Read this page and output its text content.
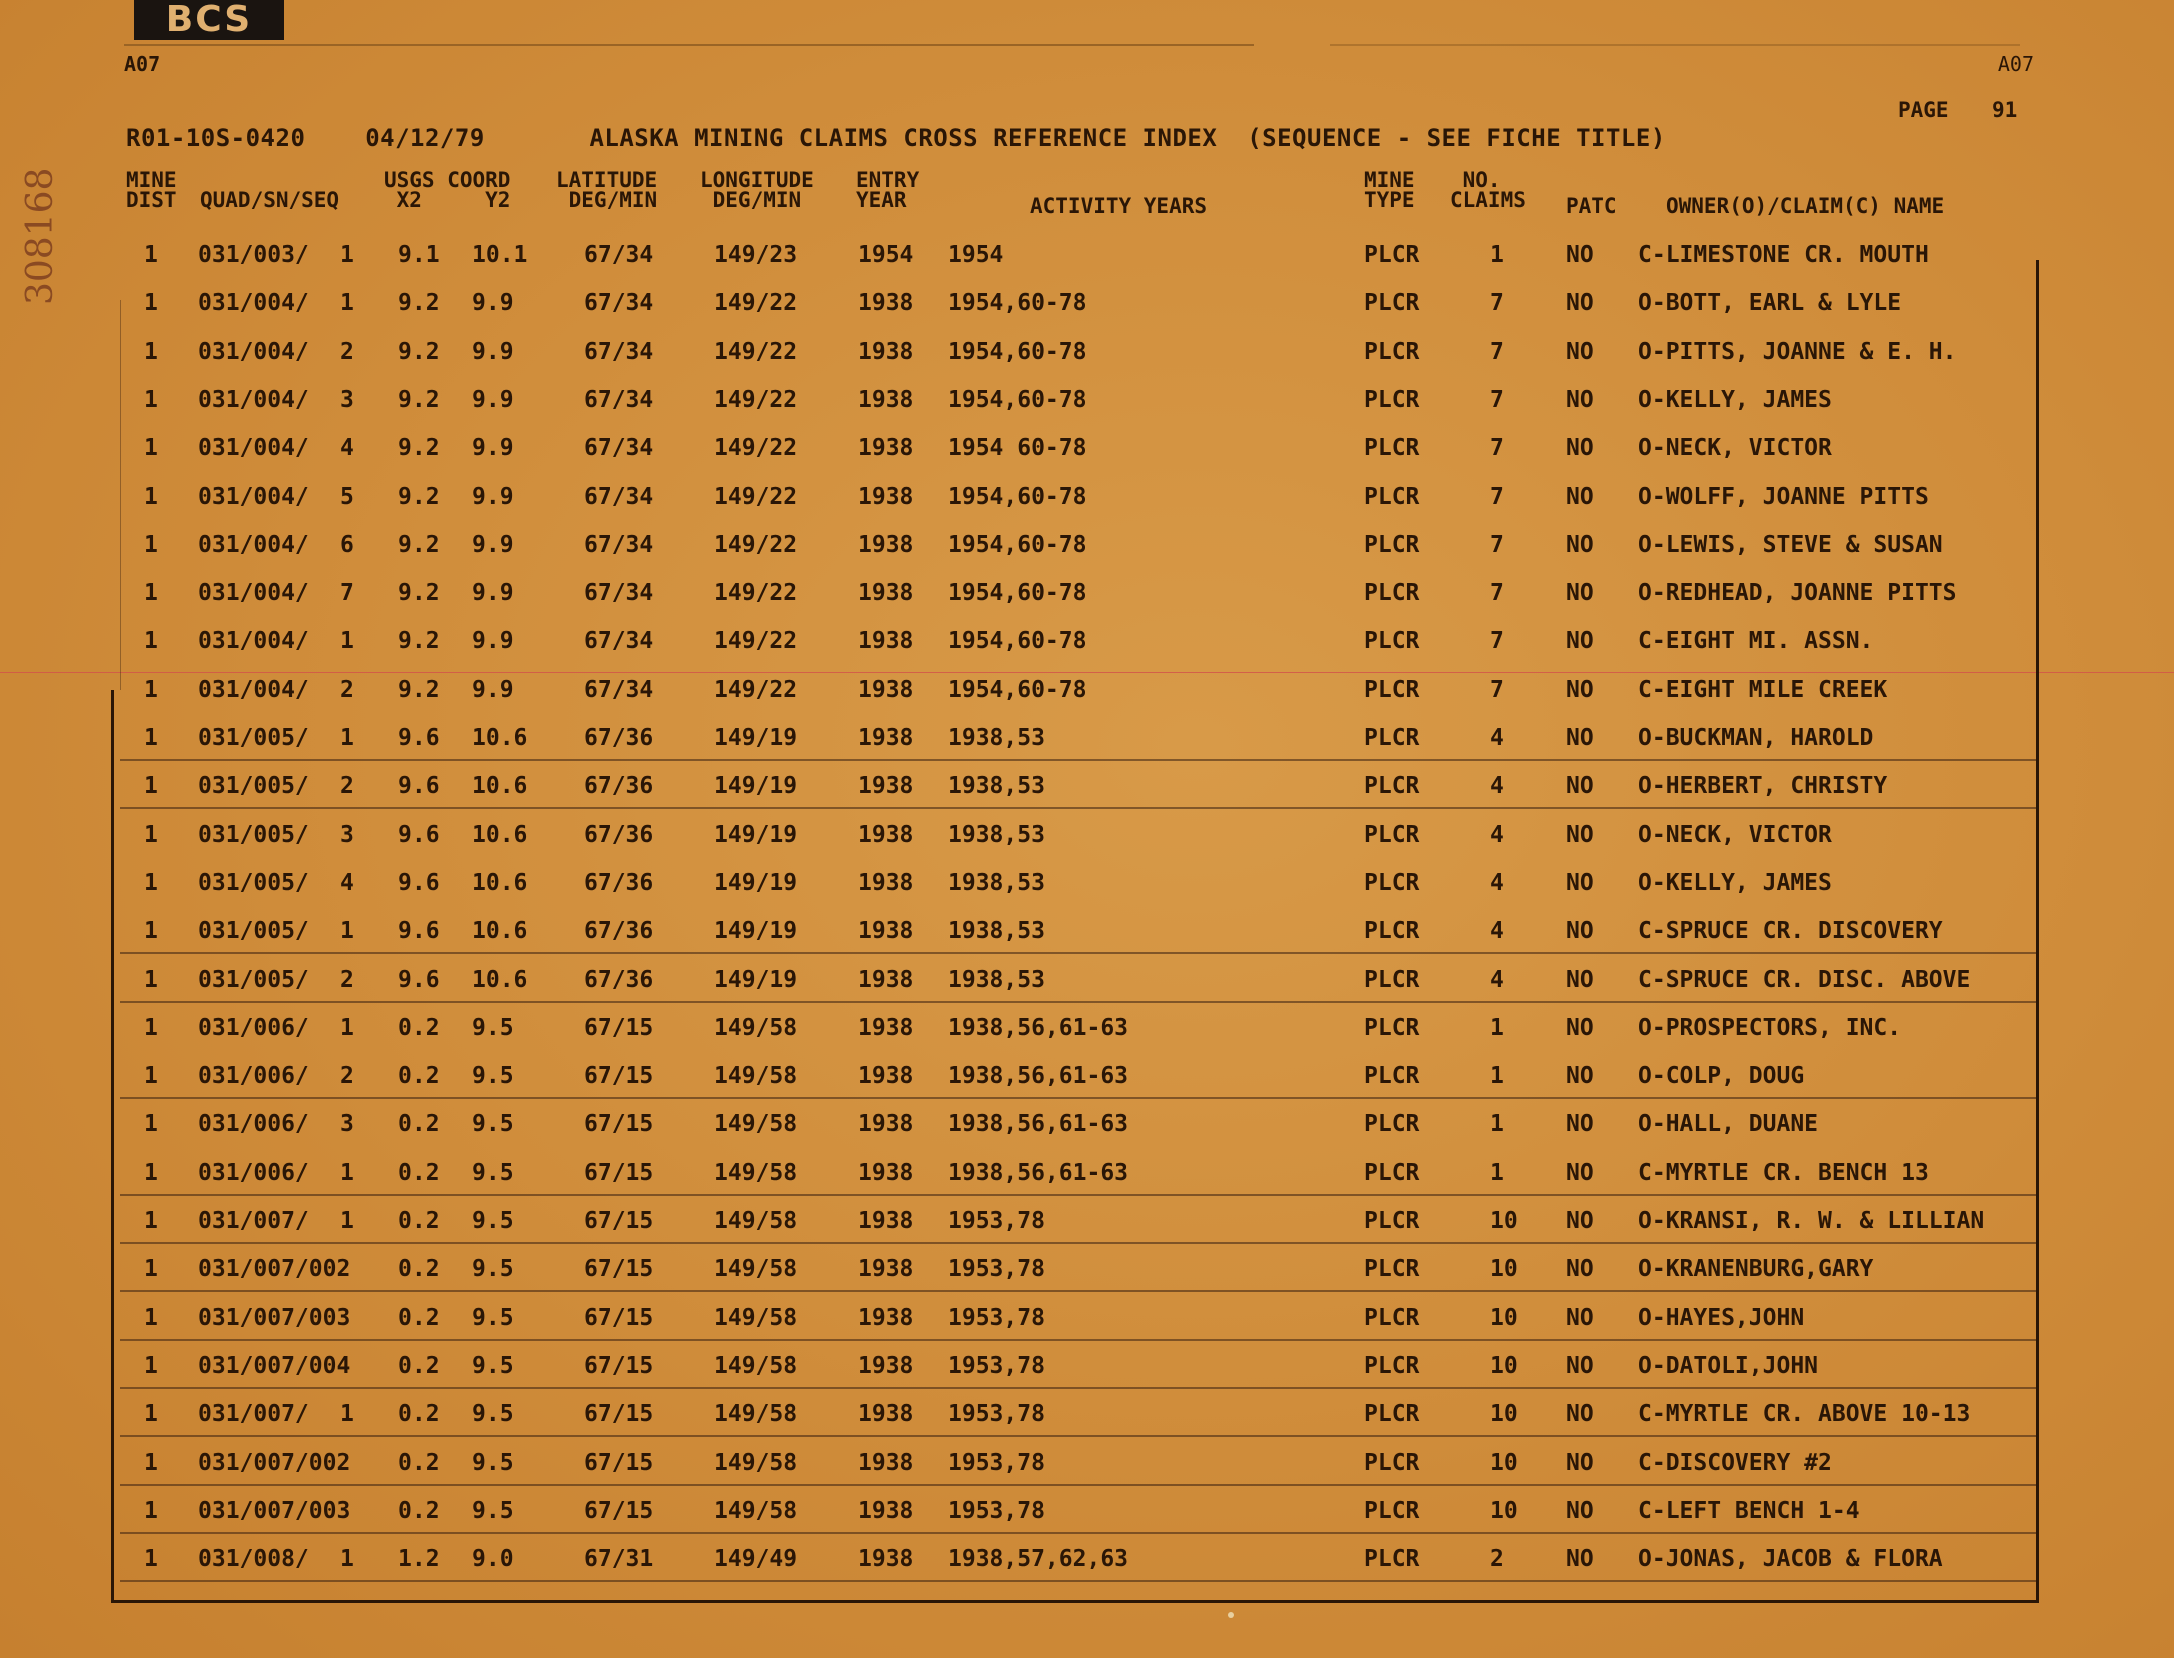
BCS
A07	A07
PAGE 91
R01-10S-0420 04/12/79	ALASKA MINING CLAIMS CROSS REFERENCE INDEX  (SEQUENCE - SEE FICHE TITLE)
308168	MINE
DIST QUAD/SN/SEQ
USGS COORD
X2     Y2
LATITUDE
DEG/MIN
LONGITUDE
DEG/MIN
ENTRY
YEAR	ACTIVITY YEARS
MINE
TYPE
NO.
CLAIMS PATC OWNER(O)/CLAIM(C) NAME
1 031/003/ 1 9.1 10.1 67/34	149/23	1954 1954	PLCR	1	NO C-LIMESTONE CR. MOUTH
1 031/004/ 1 9.2 9.9	67/34	149/22	1938 1954,60-78	PLCR	7	NO O-BOTT, EARL & LYLE
1 031/004/ 2 9.2 9.9	67/34	149/22	1938 1954,60-78	PLCR	7	NO O-PITTS, JOANNE & E. H.
1 031/004/ 3 9.2 9.9	67/34	149/22	1938 1954,60-78	PLCR	7	NO O-KELLY, JAMES
1 031/004/ 4 9.2 9.9	67/34	149/22	1938 1954 60-78	PLCR	7	NO O-NECK, VICTOR
1 031/004/ 5 9.2 9.9	67/34	149/22	1938 1954,60-78	PLCR	7	NO O-WOLFF, JOANNE PITTS
1 031/004/ 6 9.2 9.9	67/34	149/22	1938 1954,60-78	PLCR	7	NO O-LEWIS, STEVE & SUSAN
1 031/004/ 7 9.2 9.9	67/34	149/22	1938 1954,60-78	PLCR	7	NO O-REDHEAD, JOANNE PITTS
1 031/004/ 1 9.2 9.9	67/34	149/22	1938 1954,60-78	PLCR	7	NO C-EIGHT MI. ASSN.
1 031/004/ 2 9.2 9.9	67/34	149/22	1938 1954,60-78	PLCR	7	NO C-EIGHT MILE CREEK
1 031/005/ 1 9.6 10.6 67/36	149/19	1938 1938,53	PLCR	4	NO O-BUCKMAN, HAROLD
1 031/005/ 2 9.6 10.6 67/36	149/19	1938 1938,53	PLCR	4	NO O-HERBERT, CHRISTY
1 031/005/ 3 9.6 10.6 67/36	149/19	1938 1938,53	PLCR	4	NO O-NECK, VICTOR
1 031/005/ 4 9.6 10.6 67/36	149/19	1938 1938,53	PLCR	4	NO O-KELLY, JAMES
1 031/005/ 1 9.6 10.6 67/36	149/19	1938 1938,53	PLCR	4	NO C-SPRUCE CR. DISCOVERY
1 031/005/ 2 9.6 10.6 67/36	149/19	1938 1938,53	PLCR	4	NO C-SPRUCE CR. DISC. ABOVE
1 031/006/ 1 0.2 9.5	67/15	149/58	1938 1938,56,61-63	PLCR	1	NO O-PROSPECTORS, INC.
1 031/006/ 2 0.2 9.5	67/15	149/58	1938 1938,56,61-63	PLCR	1	NO O-COLP, DOUG
1 031/006/ 3 0.2 9.5	67/15	149/58	1938 1938,56,61-63	PLCR	1	NO O-HALL, DUANE
1 031/006/ 1 0.2 9.5	67/15	149/58	1938 1938,56,61-63	PLCR	1	NO C-MYRTLE CR. BENCH 13
1 031/007/ 1 0.2 9.5	67/15	149/58	1938 1953,78	PLCR	10 NO O-KRANSI, R. W. & LILLIAN
1 031/007/002 0.2 9.5	67/15	149/58	1938 1953,78	PLCR	10 NO O-KRANENBURG,GARY
1 031/007/003 0.2 9.5	67/15	149/58	1938 1953,78	PLCR	10 NO O-HAYES,JOHN
1 031/007/004 0.2 9.5	67/15	149/58	1938 1953,78	PLCR	10 NO O-DATOLI,JOHN
1 031/007/ 1 0.2 9.5	67/15	149/58	1938 1953,78	PLCR	10 NO C-MYRTLE CR. ABOVE 10-13
1 031/007/002 0.2 9.5	67/15	149/58	1938 1953,78	PLCR	10 NO C-DISCOVERY #2
1 031/007/003 0.2 9.5	67/15	149/58	1938 1953,78	PLCR	10 NO C-LEFT BENCH 1-4
1 031/008/ 1 1.2 9.0	67/31	149/49	1938 1938,57,62,63	PLCR	2	NO O-JONAS, JACOB & FLORA
